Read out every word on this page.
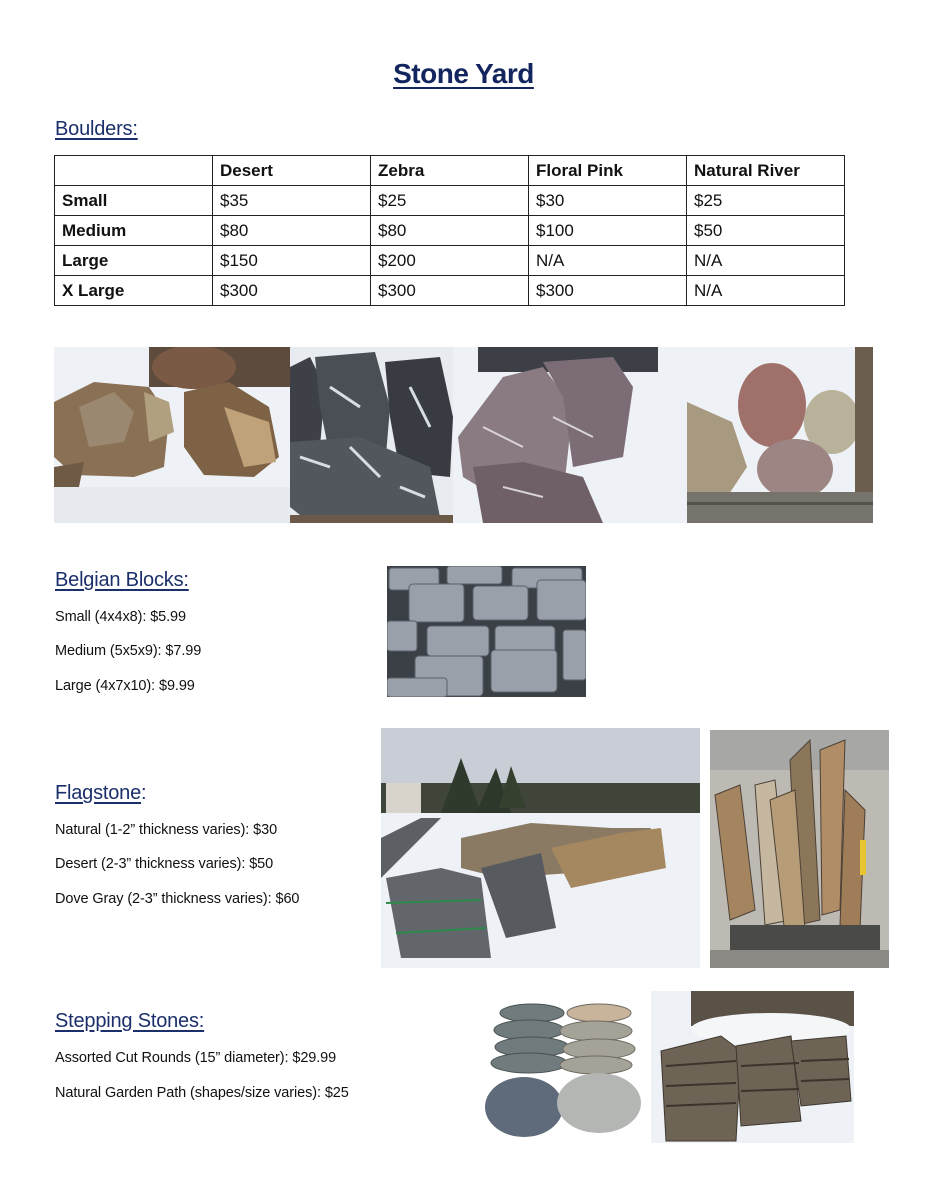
Stone Yard
Boulders:
	Desert	Zebra	Floral Pink	Natural River
Small	$35	$25	$30	$25
Medium	$80	$80	$100	$50
Large	$150	$200	N/A	N/A
X Large	$300	$300	$300	N/A
Belgian Blocks:
Small (4x4x8): $5.99
Medium (5x5x9): $7.99
Large (4x7x10): $9.99
Flagstone:
Natural (1-2” thickness varies): $30
Desert (2-3” thickness varies): $50
Dove Gray (2-3” thickness varies): $60
Stepping Stones:
Assorted Cut Rounds (15” diameter): $29.99
Natural Garden Path (shapes/size varies): $25
